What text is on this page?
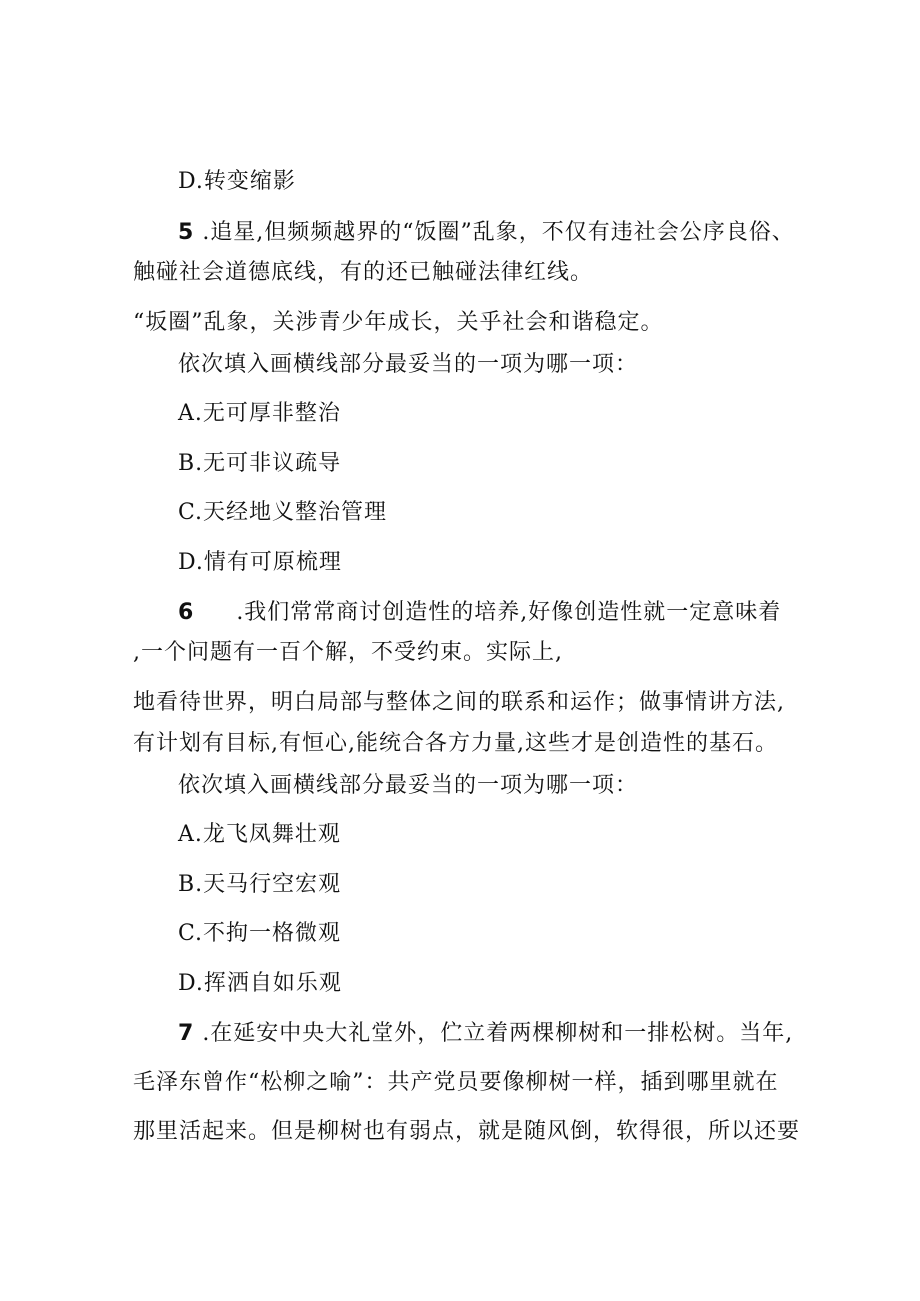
D.转变缩影
5 .追星,但频频越界的“饭圈”乱象，不仅有违社会公序良俗、
触碰社会道德底线，有的还已触碰法律红线。
“坂圈”乱象，关涉青少年成长，关乎社会和谐稳定。
依次填入画横线部分最妥当的一项为哪一项：
A.无可厚非整治
B.无可非议疏导
C.天经地义整治管理
D.情有可原梳理
6 .我们常常商讨创造性的培养,好像创造性就一定意味着
,一个问题有一百个解，不受约束。实际上,
地看待世界，明白局部与整体之间的联系和运作；做事情讲方法,
有计划有目标,有恒心,能统合各方力量,这些才是创造性的基石。
依次填入画横线部分最妥当的一项为哪一项：
A.龙飞凤舞壮观
B.天马行空宏观
C.不拘一格微观
D.挥洒自如乐观
7 .在延安中央大礼堂外，伫立着两棵柳树和一排松树。当年,
毛泽东曾作“松柳之喻”：共产党员要像柳树一样，插到哪里就在
那里活起来。但是柳树也有弱点，就是随风倒，软得很，所以还要
